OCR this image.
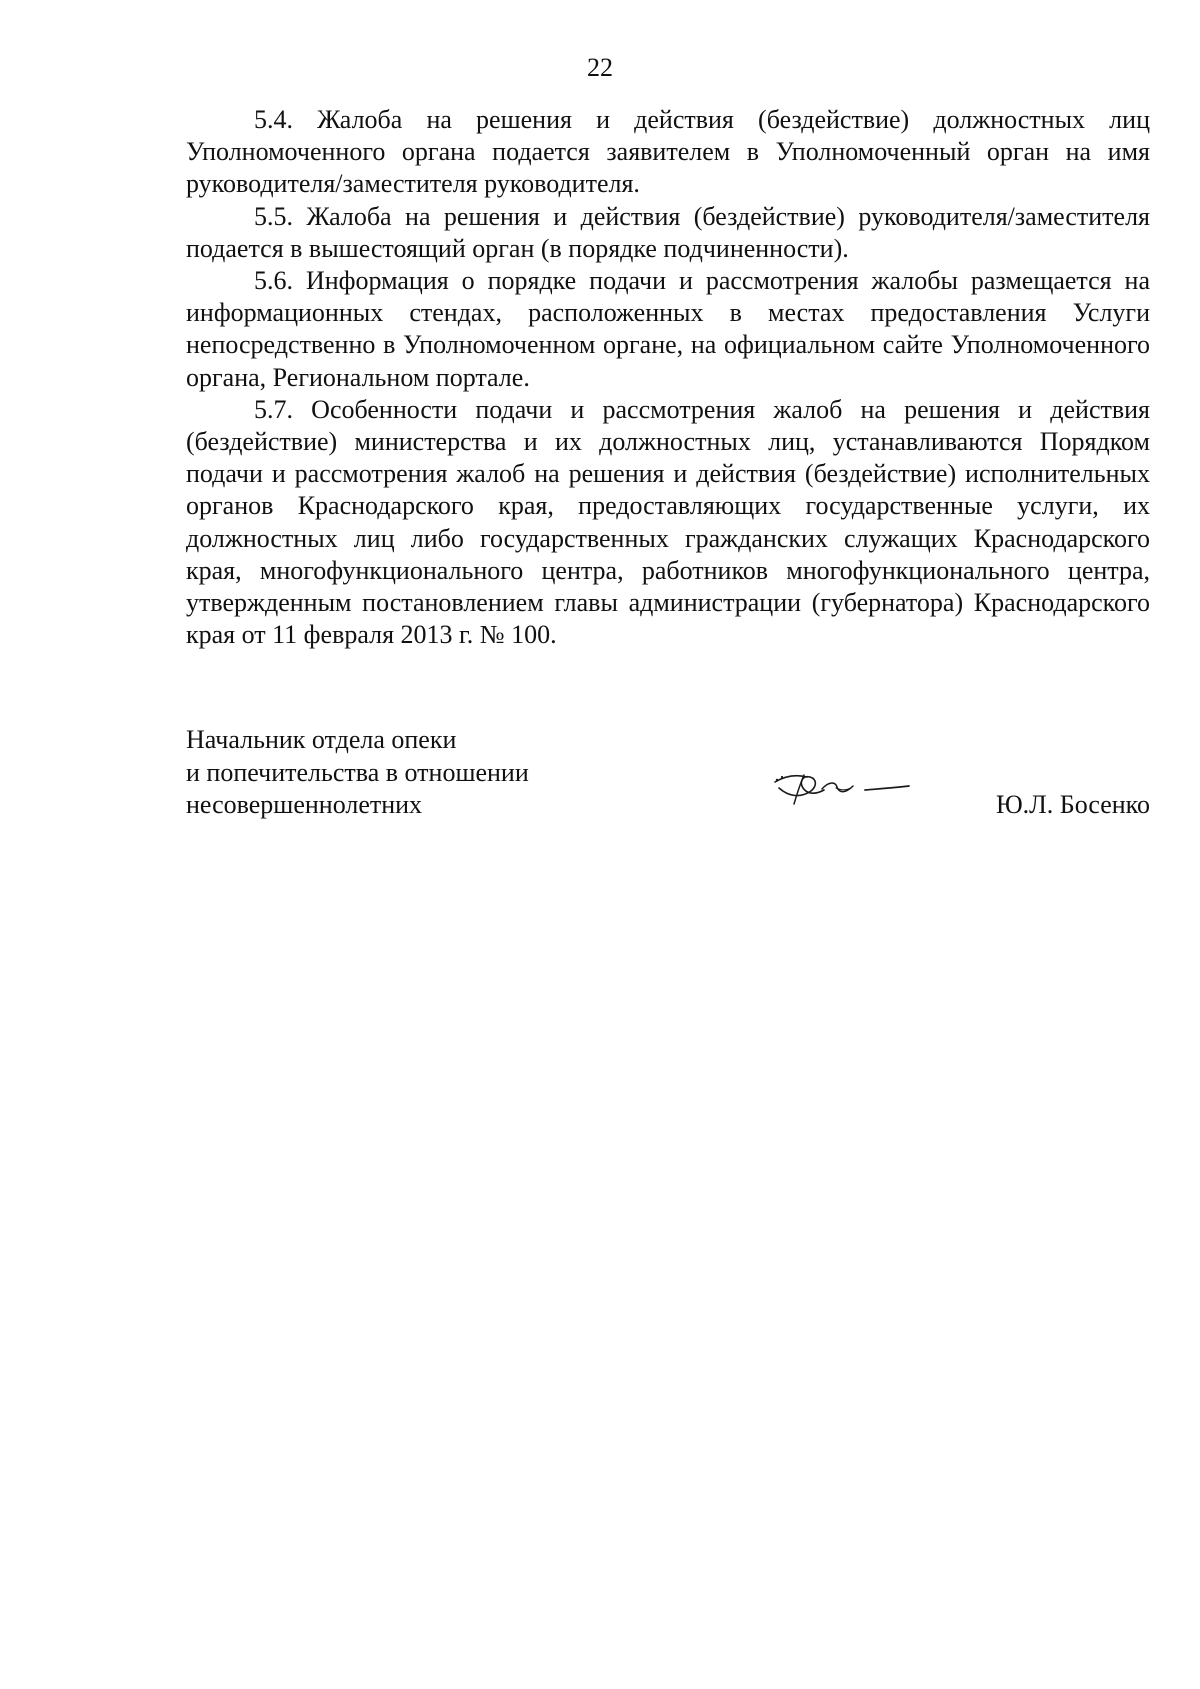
22

5.4. Жалоба на решения и действия (бездействие) должностных лиц Уполномоченного органа подается заявителем в Уполномоченный орган на имя руководителя/заместителя руководителя.

5.5. Жалоба на решения и действия (бездействие) руководителя/заместителя подается в вышестоящий орган (в порядке подчиненности).

5.6. Информация о порядке подачи и рассмотрения жалобы размещается на информационных стендах, расположенных в местах предоставления Услуги непосредственно в Уполномоченном органе, на официальном сайте Уполномоченного органа, Региональном портале.

5.7. Особенности подачи и рассмотрения жалоб на решения и действия (бездействие) министерства и их должностных лиц, устанавливаются Порядком подачи и рассмотрения жалоб на решения и действия (бездействие) исполнительных органов Краснодарского края, предоставляющих государственные услуги, их должностных лиц либо государственных гражданских служащих Краснодарского края, многофункционального центра, работников многофункционального центра, утвержденным постановлением главы администрации (губернатора) Краснодарского края от 11 февраля 2013 г. № 100.

Начальник отдела опеки
и попечительства в отношении
несовершеннолетних	Ю.Л. Босенко
